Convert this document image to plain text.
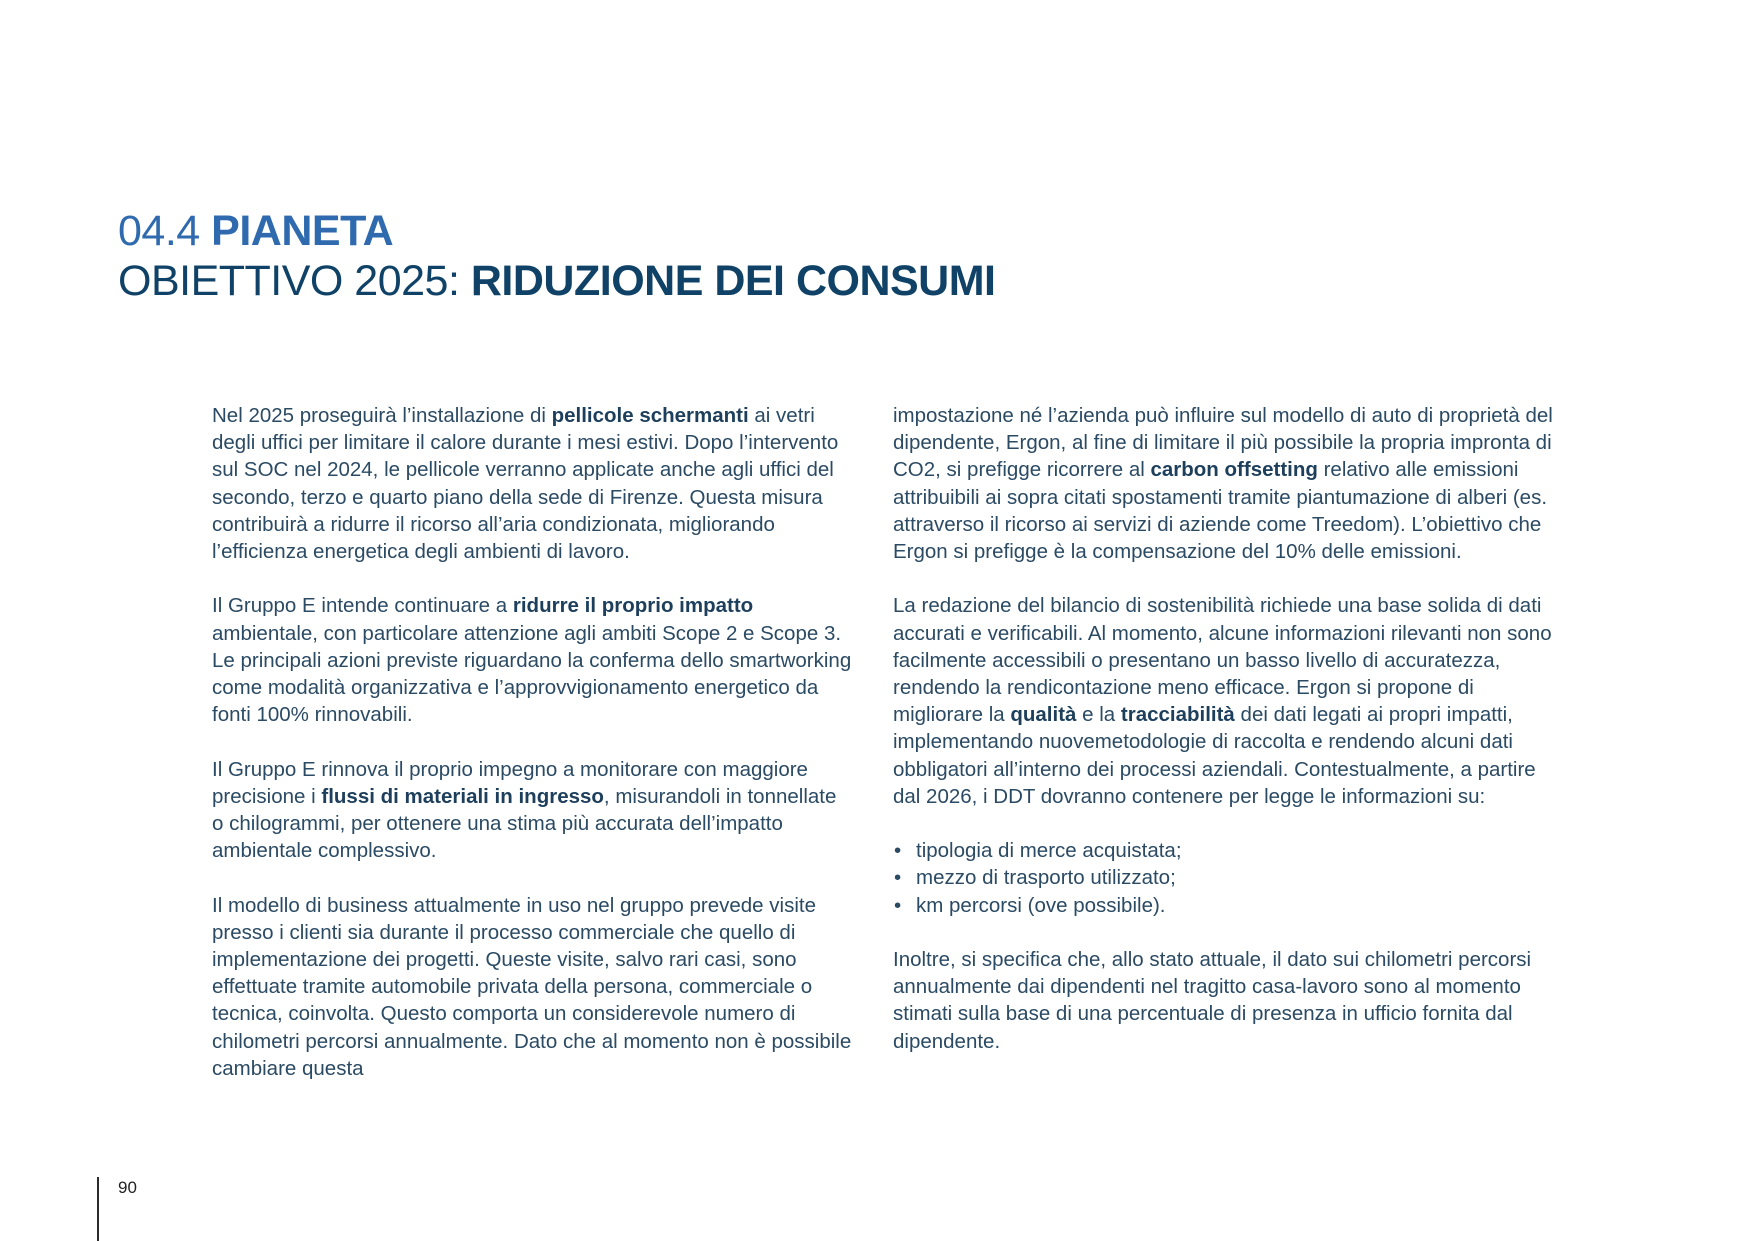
04.4 PIANETA
OBIETTIVO 2025: RIDUZIONE DEI CONSUMI

Nel 2025 proseguirà l’installazione di pellicole schermanti ai vetri degli uffici per limitare il calore durante i mesi estivi. Dopo l’intervento sul SOC nel 2024, le pellicole verranno applicate anche agli uffici del secondo, terzo e quarto piano della sede di Firenze. Questa misura contribuirà a ridurre il ricorso all’aria condizionata, migliorando l’efficienza energetica degli ambienti di lavoro.

Il Gruppo E intende continuare a ridurre il proprio impatto ambientale, con particolare attenzione agli ambiti Scope 2 e Scope 3. Le principali azioni previste riguardano la conferma dello smartworking come modalità organizzativa e l’approvvigionamento energetico da fonti 100% rinnovabili.

Il Gruppo E rinnova il proprio impegno a monitorare con maggiore precisione i flussi di materiali in ingresso, misurandoli in tonnellate o chilogrammi, per ottenere una stima più accurata dell’impatto ambientale complessivo.

Il modello di business attualmente in uso nel gruppo prevede visite presso i clienti sia durante il processo commerciale che quello di implementazione dei progetti. Queste visite, salvo rari casi, sono effettuate tramite automobile privata della persona, commerciale o tecnica, coinvolta. Questo comporta un considerevole numero di chilometri percorsi annualmente. Dato che al momento non è possibile cambiare questa

impostazione né l’azienda può influire sul modello di auto di proprietà del dipendente, Ergon, al fine di limitare il più possibile la propria impronta di CO2, si prefigge ricorrere al carbon offsetting relativo alle emissioni attribuibili ai sopra citati spostamenti tramite piantumazione di alberi (es. attraverso il ricorso ai servizi di aziende come Treedom). L’obiettivo che Ergon si prefigge è la compensazione del 10% delle emissioni.

La redazione del bilancio di sostenibilità richiede una base solida di dati accurati e verificabili. Al momento, alcune informazioni rilevanti non sono facilmente accessibili o presentano un basso livello di accuratezza, rendendo la rendicontazione meno efficace. Ergon si propone di migliorare la qualità e la tracciabilità dei dati legati ai propri impatti, implementando nuovemetodologie di raccolta e rendendo alcuni dati obbligatori all’interno dei processi aziendali. Contestualmente, a partire dal 2026, i DDT dovranno contenere per legge le informazioni su:

• tipologia di merce acquistata;
• mezzo di trasporto utilizzato;
• km percorsi (ove possibile).

Inoltre, si specifica che, allo stato attuale, il dato sui chilometri percorsi annualmente dai dipendenti nel tragitto casa-lavoro sono al momento stimati sulla base di una percentuale di presenza in ufficio fornita dal dipendente.

90
